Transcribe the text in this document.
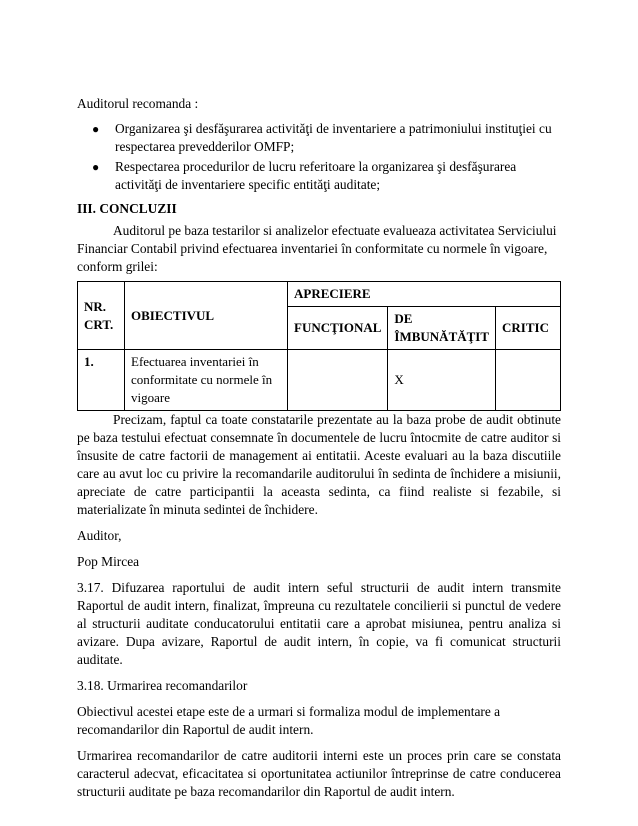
Auditorul recomanda :

● Organizarea şi desfăşurarea activităţi de inventariere a patrimoniului instituţiei cu respectarea prevedderilor OMFP;
● Respectarea procedurilor de lucru referitoare la organizarea şi desfăşurarea activităţi de inventariere specific entităţi auditate;

III. CONCLUZII

Auditorul pe baza testarilor si analizelor efectuate evalueaza activitatea Serviciului Financiar Contabil privind efectuarea inventariei în conformitate cu normele în vigoare, conform grilei:

NR. CRT.	OBIECTIVUL	APRECIERE		
		FUNCŢIONAL	DE ÎMBUNĂTĂŢIT	CRITIC
1.	Efectuarea inventariei în conformitate cu normele în vigoare		X	

Precizam, faptul ca toate constatarile prezentate au la baza probe de audit obtinute pe baza testului efectuat consemnate în documentele de lucru întocmite de catre auditor si însusite de catre factorii de management ai entitatii. Aceste evaluari au la baza discutiile care au avut loc cu privire la recomandarile auditorului în sedinta de închidere a misiunii, apreciate de catre participantii la aceasta sedinta, ca fiind realiste si fezabile, si materializate în minuta sedintei de închidere.

Auditor,

Pop Mircea

3.17. Difuzarea raportului de audit intern seful structurii de audit intern transmite Raportul de audit intern, finalizat, împreuna cu rezultatele concilierii si punctul de vedere al structurii auditate conducatorului entitatii care a aprobat misiunea, pentru analiza si avizare. Dupa avizare, Raportul de audit intern, în copie, va fi comunicat structurii auditate.

3.18. Urmarirea recomandarilor

Obiectivul acestei etape este de a urmari si formaliza modul de implementare a recomandarilor din Raportul de audit intern.

Urmarirea recomandarilor de catre auditorii interni este un proces prin care se constata caracterul adecvat, eficacitatea si oportunitatea actiunilor întreprinse de catre conducerea structurii auditate pe baza recomandarilor din Raportul de audit intern.
